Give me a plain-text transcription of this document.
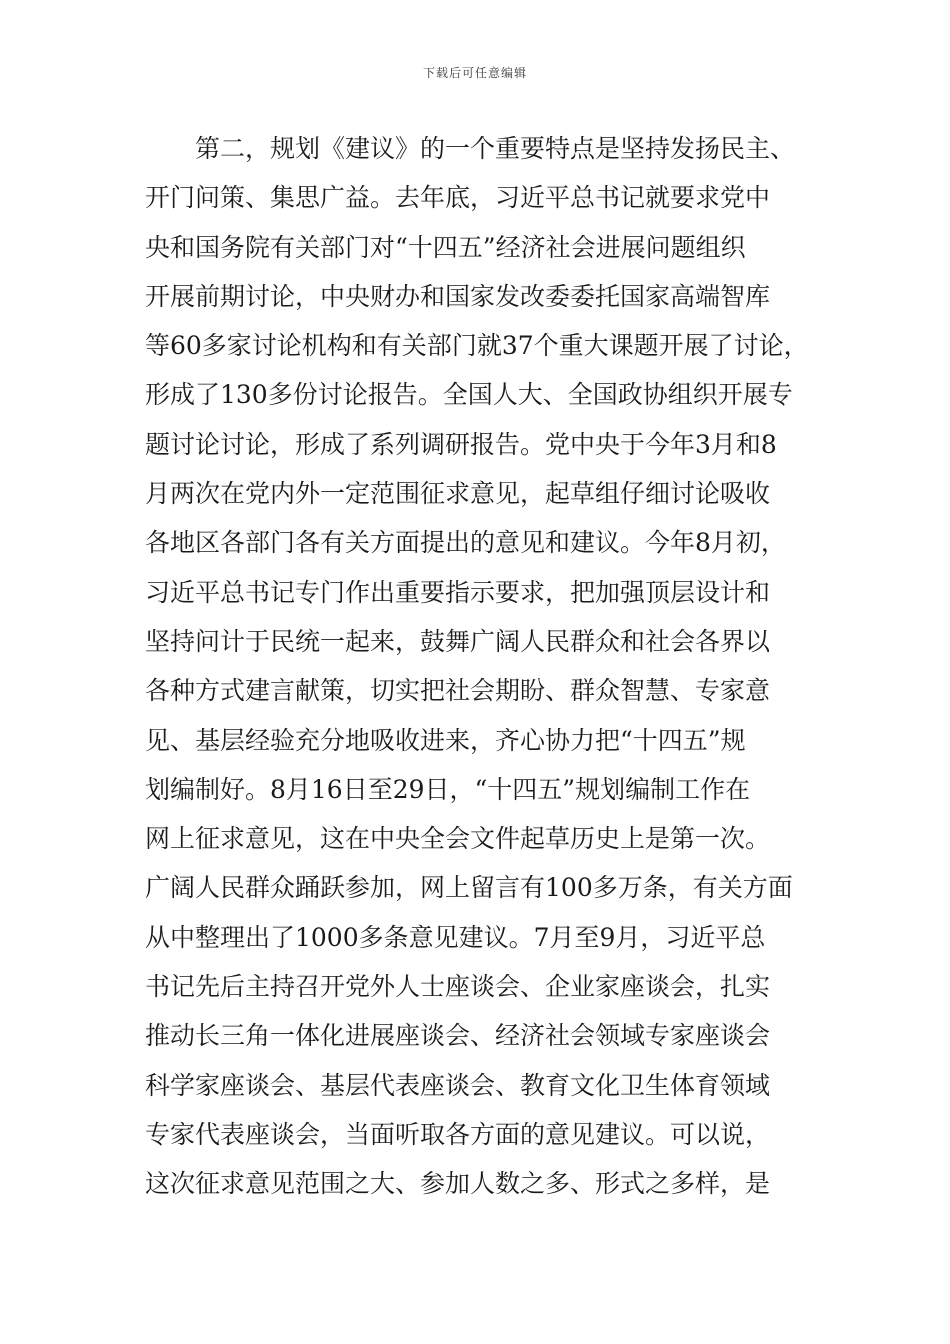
下载后可任意编辑
第二，规划《建议》的一个重要特点是坚持发扬民主、
开门问策、集思广益。去年底，习近平总书记就要求党中
央和国务院有关部门对“十四五”经济社会进展问题组织
开展前期讨论，中央财办和国家发改委委托国家高端智库
等60多家讨论机构和有关部门就37个重大课题开展了讨论，
形成了130多份讨论报告。全国人大、全国政协组织开展专
题讨论讨论，形成了系列调研报告。党中央于今年3月和8
月两次在党内外一定范围征求意见，起草组仔细讨论吸收
各地区各部门各有关方面提出的意见和建议。今年8月初，
习近平总书记专门作出重要指示要求，把加强顶层设计和
坚持问计于民统一起来，鼓舞广阔人民群众和社会各界以
各种方式建言献策，切实把社会期盼、群众智慧、专家意
见、基层经验充分地吸收进来，齐心协力把“十四五”规
划编制好。8月16日至29日，“十四五”规划编制工作在
网上征求意见，这在中央全会文件起草历史上是第一次。
广阔人民群众踊跃参加，网上留言有100多万条，有关方面
从中整理出了1000多条意见建议。7月至9月，习近平总
书记先后主持召开党外人士座谈会、企业家座谈会，扎实
推动长三角一体化进展座谈会、经济社会领域专家座谈会
科学家座谈会、基层代表座谈会、教育文化卫生体育领域
专家代表座谈会，当面听取各方面的意见建议。可以说，
这次征求意见范围之大、参加人数之多、形式之多样，是
